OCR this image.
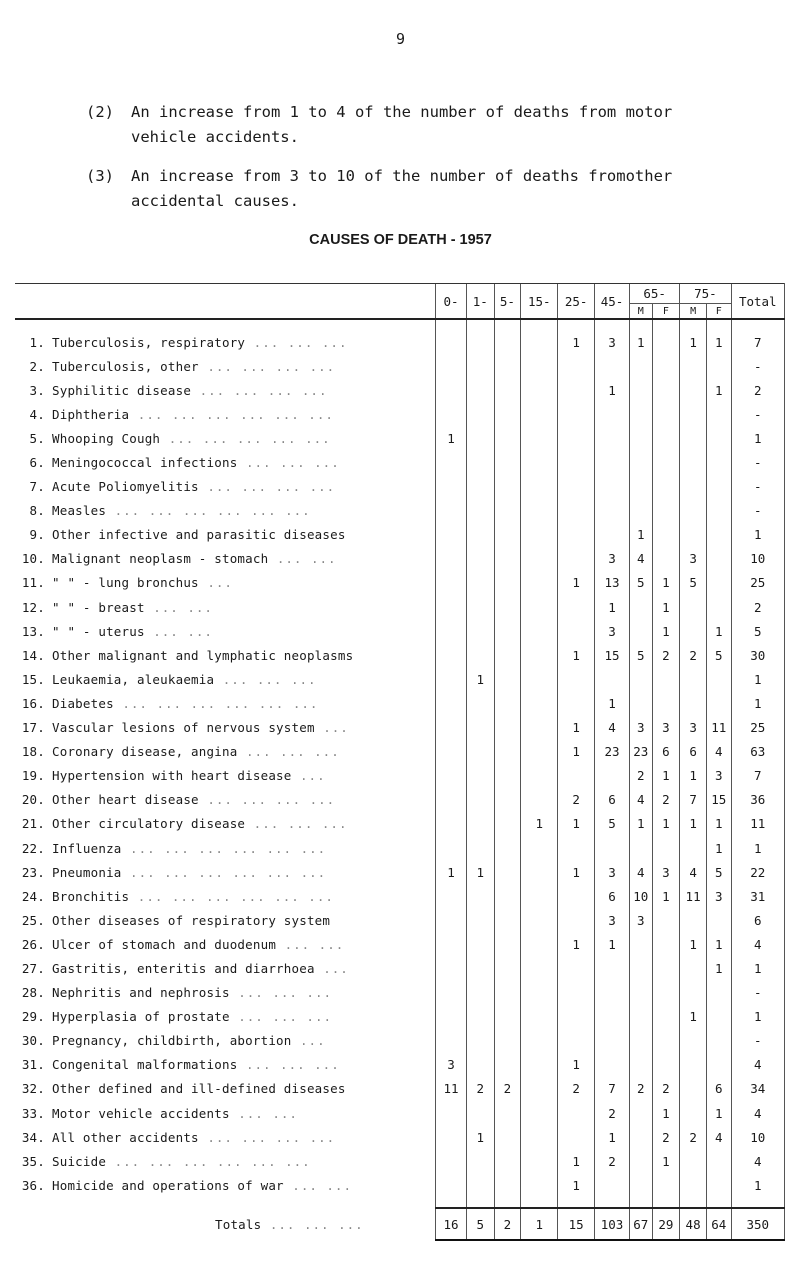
9
(2) An increase from 1 to 4 of the number of deaths from motor vehicle accidents.
(3) An increase from 3 to 10 of the number of deaths fromother accidental causes.
CAUSES OF DEATH - 1957
	0-	1-	5-	15-	25-	45-	65-		75-		Total
							M	F	M	F	

1. Tuberculosis, respiratory ... ... ...					1	3	1		1	1	7
2. Tuberculosis, other ... ... ... ...											-
3. Syphilitic disease ... ... ... ...						1				1	2
4. Diphtheria ... ... ... ... ... ...											-
5. Whooping Cough ... ... ... ... ...	1										1
6. Meningococcal infections ... ... ...											-
7. Acute Poliomyelitis ... ... ... ...											-
8. Measles ... ... ... ... ... ...											-
9. Other infective and parasitic diseases							1				1
10. Malignant neoplasm - stomach ... ...						3	4		3		10
11. " " - lung bronchus ...					1	13	5	1	5		25
12. " " - breast ... ...						1		1			2
13. " " - uterus ... ...						3		1		1	5
14. Other malignant and lymphatic neoplasms					1	15	5	2	2	5	30
15. Leukaemia, aleukaemia ... ... ...		1									1
16. Diabetes ... ... ... ... ... ...						1					1
17. Vascular lesions of nervous system ...					1	4	3	3	3	11	25
18. Coronary disease, angina ... ... ...					1	23	23	6	6	4	63
19. Hypertension with heart disease ...							2	1	1	3	7
20. Other heart disease ... ... ... ...					2	6	4	2	7	15	36
21. Other circulatory disease ... ... ...				1	1	5	1	1	1	1	11
22. Influenza ... ... ... ... ... ...										1	1
23. Pneumonia ... ... ... ... ... ...	1	1			1	3	4	3	4	5	22
24. Bronchitis ... ... ... ... ... ...						6	10	1	11	3	31
25. Other diseases of respiratory system						3	3				6
26. Ulcer of stomach and duodenum ... ...					1	1			1	1	4
27. Gastritis, enteritis and diarrhoea ...										1	1
28. Nephritis and nephrosis ... ... ...											-
29. Hyperplasia of prostate ... ... ...									1		1
30. Pregnancy, childbirth, abortion ...											-
31. Congenital malformations ... ... ...	3				1						4
32. Other defined and ill-defined diseases	11	2	2		2	7	2	2		6	34
33. Motor vehicle accidents ... ...						2		1		1	4
34. All other accidents ... ... ... ...		1				1		2	2	4	10
35. Suicide ... ... ... ... ... ...					1	2		1			4
36. Homicide and operations of war ... ...					1						1

Totals ... ... ...	16	5	2	1	15	103	67	29	48	64	350
